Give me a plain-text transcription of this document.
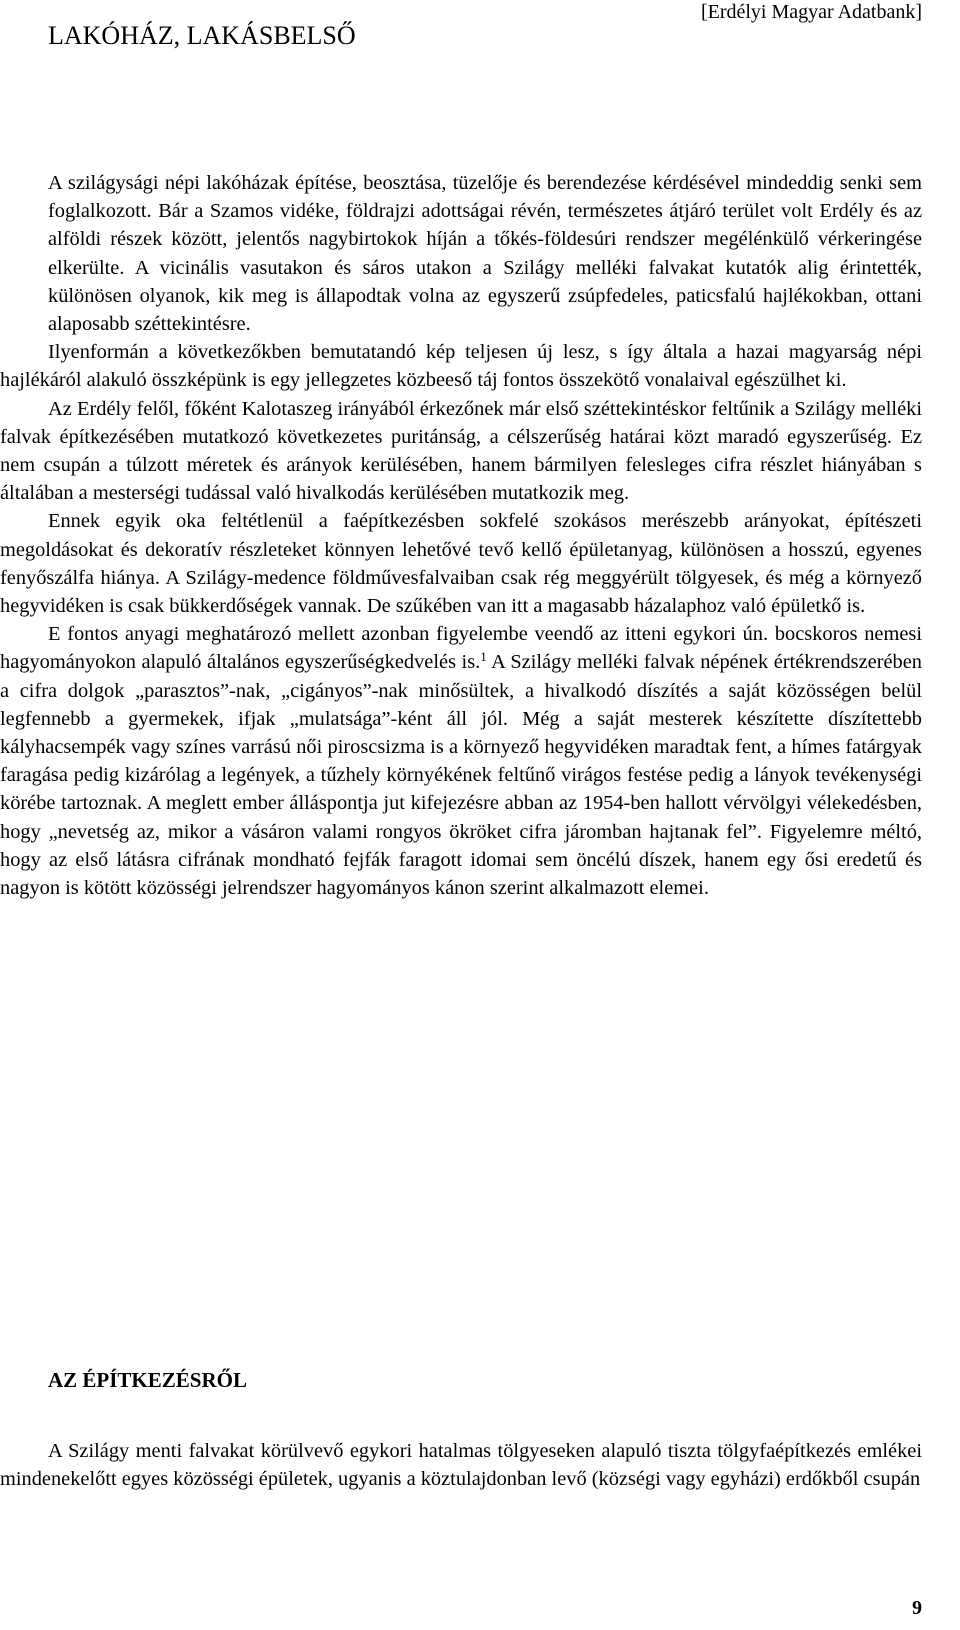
[Erdélyi Magyar Adatbank]
LAKÓHÁZ, LAKÁSBELSŐ

A szilágysági népi lakóházak építése, beosztása, tüzelője és berendezése kérdésével mindeddig senki sem foglalkozott. Bár a Szamos vidéke, földrajzi adottságai révén, természetes átjáró terület volt Erdély és az alföldi részek között, jelentős nagybirtokok híján a tőkés-földesúri rendszer megélénkülő vérkeringése elkerülte. A vicinális vasutakon és sáros utakon a Szilágy melléki falvakat kutatók alig érintették, különösen olyanok, kik meg is állapodtak volna az egyszerű zsúpfedeles, paticsfalú hajlékokban, ottani alaposabb széttekintésre.

Ilyenformán a következőkben bemutatandó kép teljesen új lesz, s így általa a hazai magyarság népi hajlékáról alakuló összképünk is egy jellegzetes közbeeső táj fontos összekötő vonalaival egészülhet ki.

Az Erdély felől, főként Kalotaszeg irányából érkezőnek már első széttekintéskor feltűnik a Szilágy melléki falvak építkezésében mutatkozó következetes puritánság, a célszerűség határai közt maradó egyszerűség. Ez nem csupán a túlzott méretek és arányok kerülésében, hanem bármilyen felesleges cifra részlet hiányában s általában a mesterségi tudással való hivalkodás kerülésében mutatkozik meg.

Ennek egyik oka feltétlenül a faépítkezésben sokfelé szokásos merészebb arányokat, építészeti megoldásokat és dekoratív részleteket könnyen lehetővé tevő kellő épületanyag, különösen a hosszú, egyenes fenyőszálfa hiánya. A Szilágy-medence földművesfalvaiban csak rég meggyérült tölgyesek, és még a környező hegyvidéken is csak bükkerdőségek vannak. De szűkében van itt a magasabb házalaphoz való épületkő is.

E fontos anyagi meghatározó mellett azonban figyelembe veendő az itteni egykori ún. bocskoros nemesi hagyományokon alapuló általános egyszerűségkedvelés is.$^1$ A Szilágy melléki falvak népének értékrendszerében a cifra dolgok „parasztos”-nak, „cigányos”-nak minősültek, a hivalkodó díszítés a saját közösségen belül legfennebb a gyermekek, ifjak „mulatsága”-ként áll jól. Még a saját mesterek készítette díszítettebb kályhacsempék vagy színes varrású női piroscsizma is a környező hegyvidéken maradtak fent, a hímes fatárgyak faragása pedig kizárólag a legények, a tűzhely környékének feltűnő virágos festése pedig a lányok tevékenységi körébe tartoznak. A meglett ember álláspontja jut kifejezésre abban az 1954-ben hallott vérvölgyi vélekedésben, hogy „nevetség az, mikor a vásáron valami rongyos ökröket cifra járomban hajtanak fel”. Figyelemre méltó, hogy az első látásra cifrának mondható fejfák faragott idomai sem öncélú díszek, hanem egy ősi eredetű és nagyon is kötött közösségi jelrendszer hagyományos kánon szerint alkalmazott elemei.

AZ ÉPÍTKEZÉSRŐL

A Szilágy menti falvakat körülvevő egykori hatalmas tölgyeseken alapuló tiszta tölgyfaépítkezés emlékei mindenekelőtt egyes közösségi épületek, ugyanis a köztulajdonban levő (községi vagy egyházi) erdőkből csupán

9
